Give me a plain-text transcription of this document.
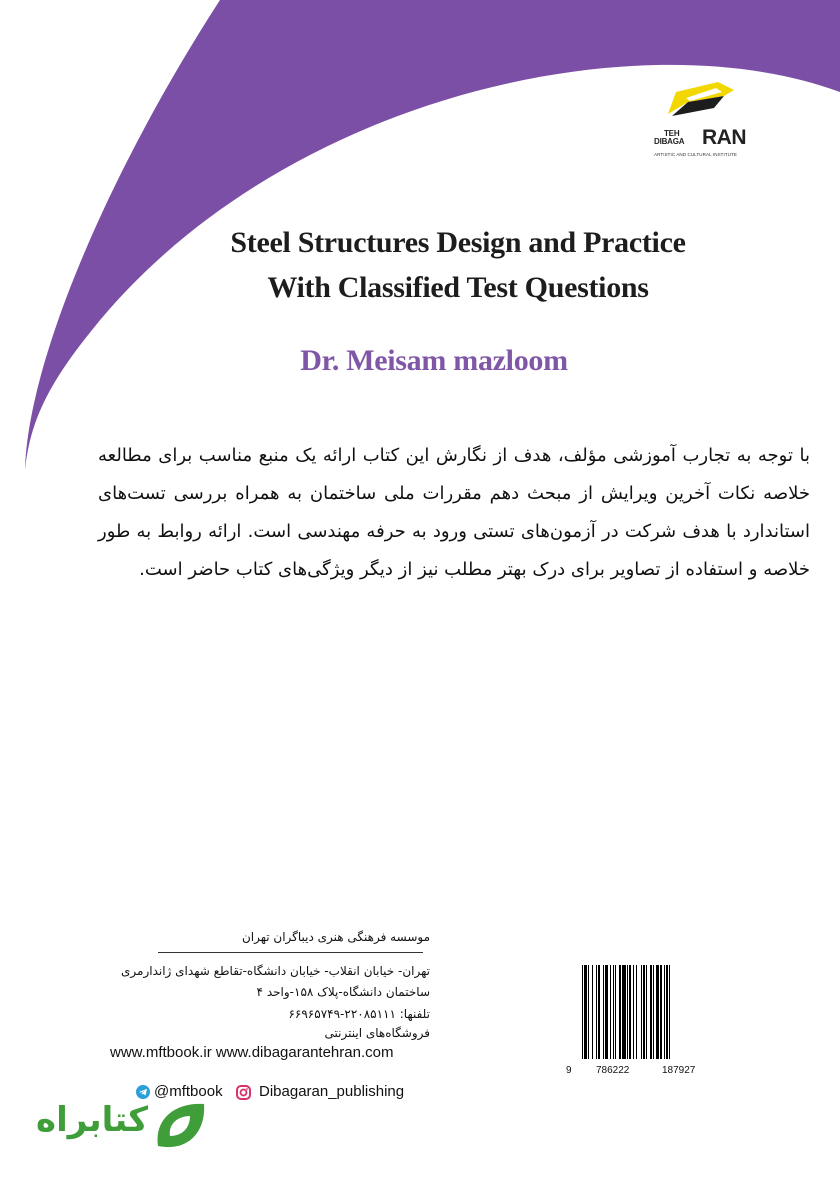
TEH
DIBAGA RAN
ARTISTIC AND CULTURAL INSTITUTE
Steel Structures Design and Practice
With Classified Test Questions
Dr. Meisam mazloom
با توجه به تجارب آموزشی مؤلف، هدف از نگارش این کتاب ارائه یک منبع مناسب برای مطالعه خلاصه نکات آخرین ویرایش از مبحث دهم مقررات ملی ساختمان به همراه بررسی تست‌های استاندارد با هدف شرکت در آزمون‌های تستی ورود به حرفه مهندسی است. ارائه روابط به طور خلاصه و استفاده از تصاویر برای درک بهتر مطلب نیز از دیگر ویژگی‌های کتاب حاضر است.
موسسه فرهنگی هنری دیباگران تهران
تهران- خیابان انقلاب- خیابان دانشگاه-تقاطع شهدای ژاندارمری
ساختمان دانشگاه-پلاک ۱۵۸-واحد ۴
تلفنها: ۲۲۰۸۵۱۱۱-۶۶۹۶۵۷۴۹
فروشگاه‌های اینترنتی
www.mftbook.ir www.dibagarantehran.com
@mftbook Dibagaran_publishing
9 786222	187927
کتابراه
